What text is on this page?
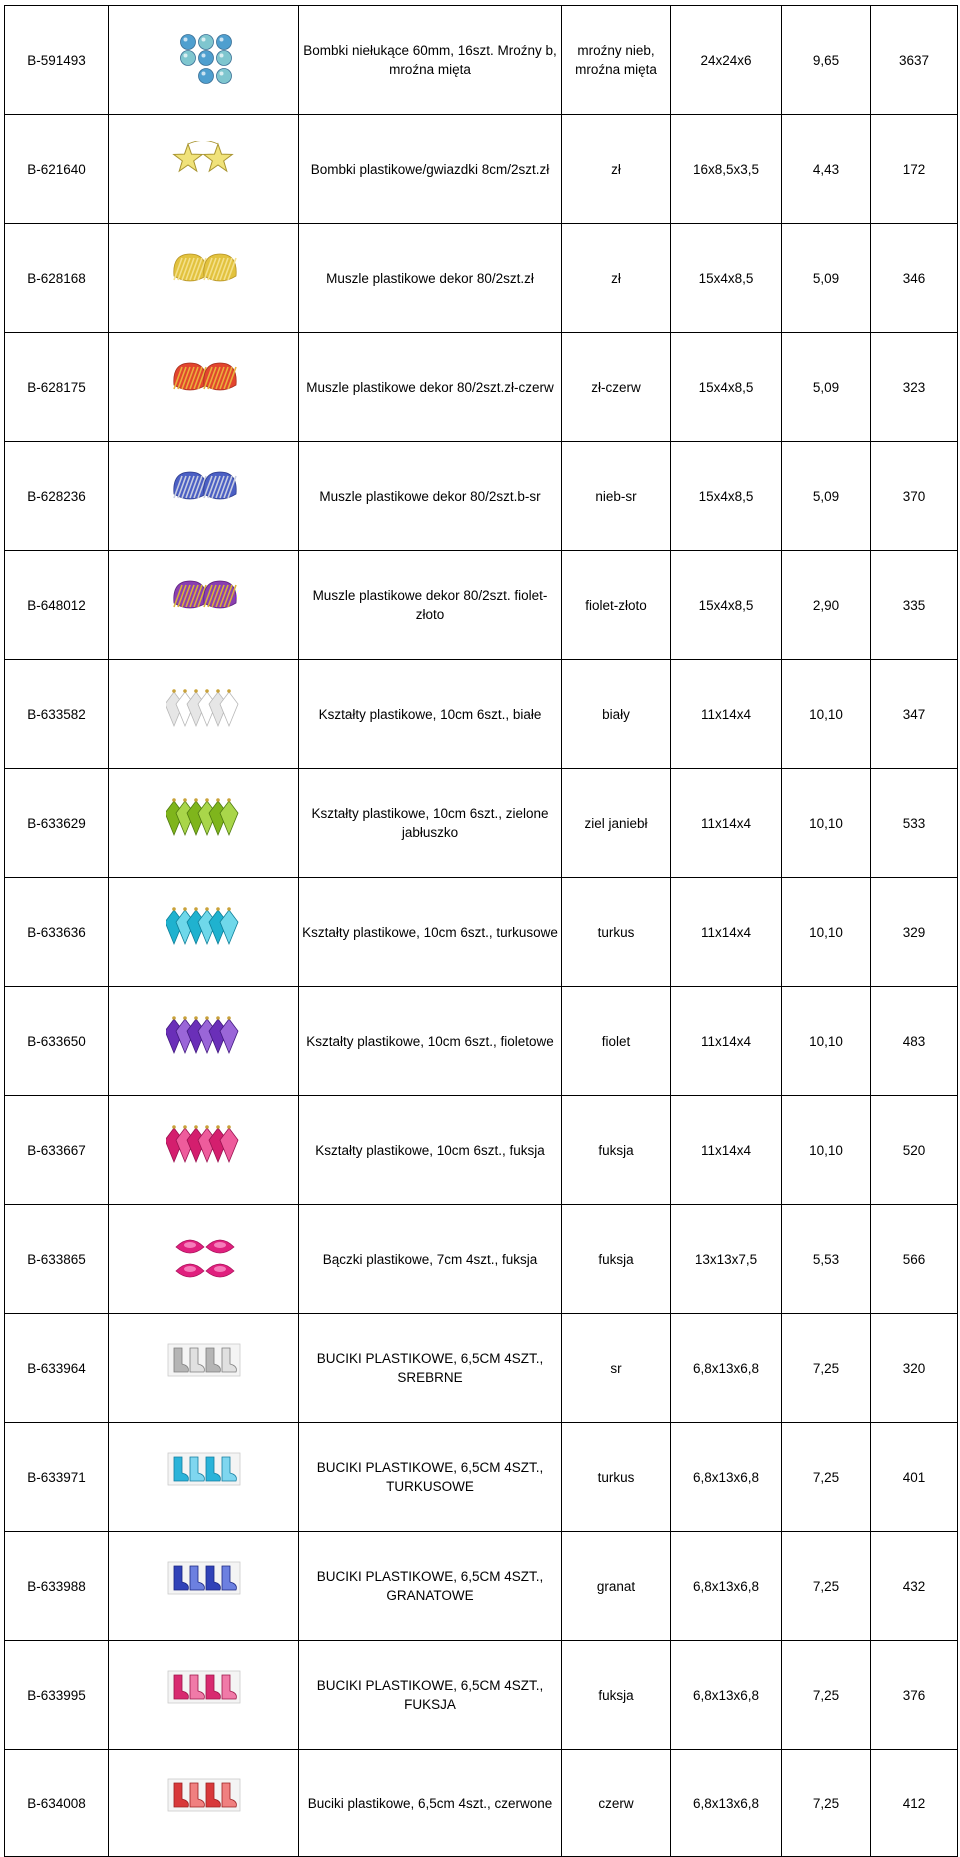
B-591493		Bombki niełukące 60mm, 16szt. Mroźny b, mroźna mięta	mroźny nieb, mroźna mięta	24x24x6	9,65	3637
B-621640		Bombki plastikowe/gwiazdki 8cm/2szt.zł	zł	16x8,5x3,5	4,43	172
B-628168		Muszle plastikowe dekor 80/2szt.zł	zł	15x4x8,5	5,09	346
B-628175		Muszle plastikowe dekor 80/2szt.zł-czerw	zł-czerw	15x4x8,5	5,09	323
B-628236		Muszle plastikowe dekor 80/2szt.b-sr	nieb-sr	15x4x8,5	5,09	370
B-648012		Muszle plastikowe dekor 80/2szt. fiolet-złoto	fiolet-złoto	15x4x8,5	2,90	335
B-633582		Kształty plastikowe, 10cm 6szt., białe	biały	11x14x4	10,10	347
B-633629		Kształty plastikowe, 10cm 6szt., zielone jabłuszko	ziel janiebł	11x14x4	10,10	533
B-633636		Kształty plastikowe, 10cm 6szt., turkusowe	turkus	11x14x4	10,10	329
B-633650		Kształty plastikowe, 10cm 6szt., fioletowe	fiolet	11x14x4	10,10	483
B-633667		Kształty plastikowe, 10cm 6szt., fuksja	fuksja	11x14x4	10,10	520
B-633865		Bączki plastikowe, 7cm 4szt., fuksja	fuksja	13x13x7,5	5,53	566
B-633964		BUCIKI PLASTIKOWE, 6,5CM 4SZT., SREBRNE	sr	6,8x13x6,8	7,25	320
B-633971		BUCIKI PLASTIKOWE, 6,5CM 4SZT., TURKUSOWE	turkus	6,8x13x6,8	7,25	401
B-633988		BUCIKI PLASTIKOWE, 6,5CM 4SZT., GRANATOWE	granat	6,8x13x6,8	7,25	432
B-633995		BUCIKI PLASTIKOWE, 6,5CM 4SZT., FUKSJA	fuksja	6,8x13x6,8	7,25	376
B-634008		Buciki plastikowe, 6,5cm 4szt., czerwone	czerw	6,8x13x6,8	7,25	412
